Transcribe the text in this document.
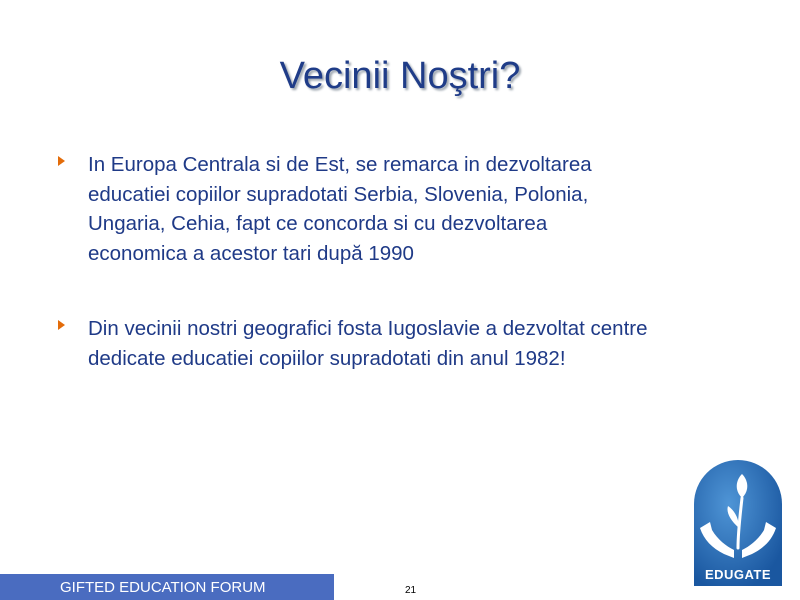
Vecinii Noştri?
In Europa Centrala si de Est, se remarca in dezvoltarea
educatiei copiilor supradotati Serbia, Slovenia, Polonia,
Ungaria, Cehia, fapt ce concorda si cu dezvoltarea
economica a acestor tari după 1990
Din vecinii nostri geografici fosta Iugoslavie a dezvoltat centre
dedicate educatiei copiilor supradotati din anul 1982!
GIFTED EDUCATION FORUM	21
EDUGATE
